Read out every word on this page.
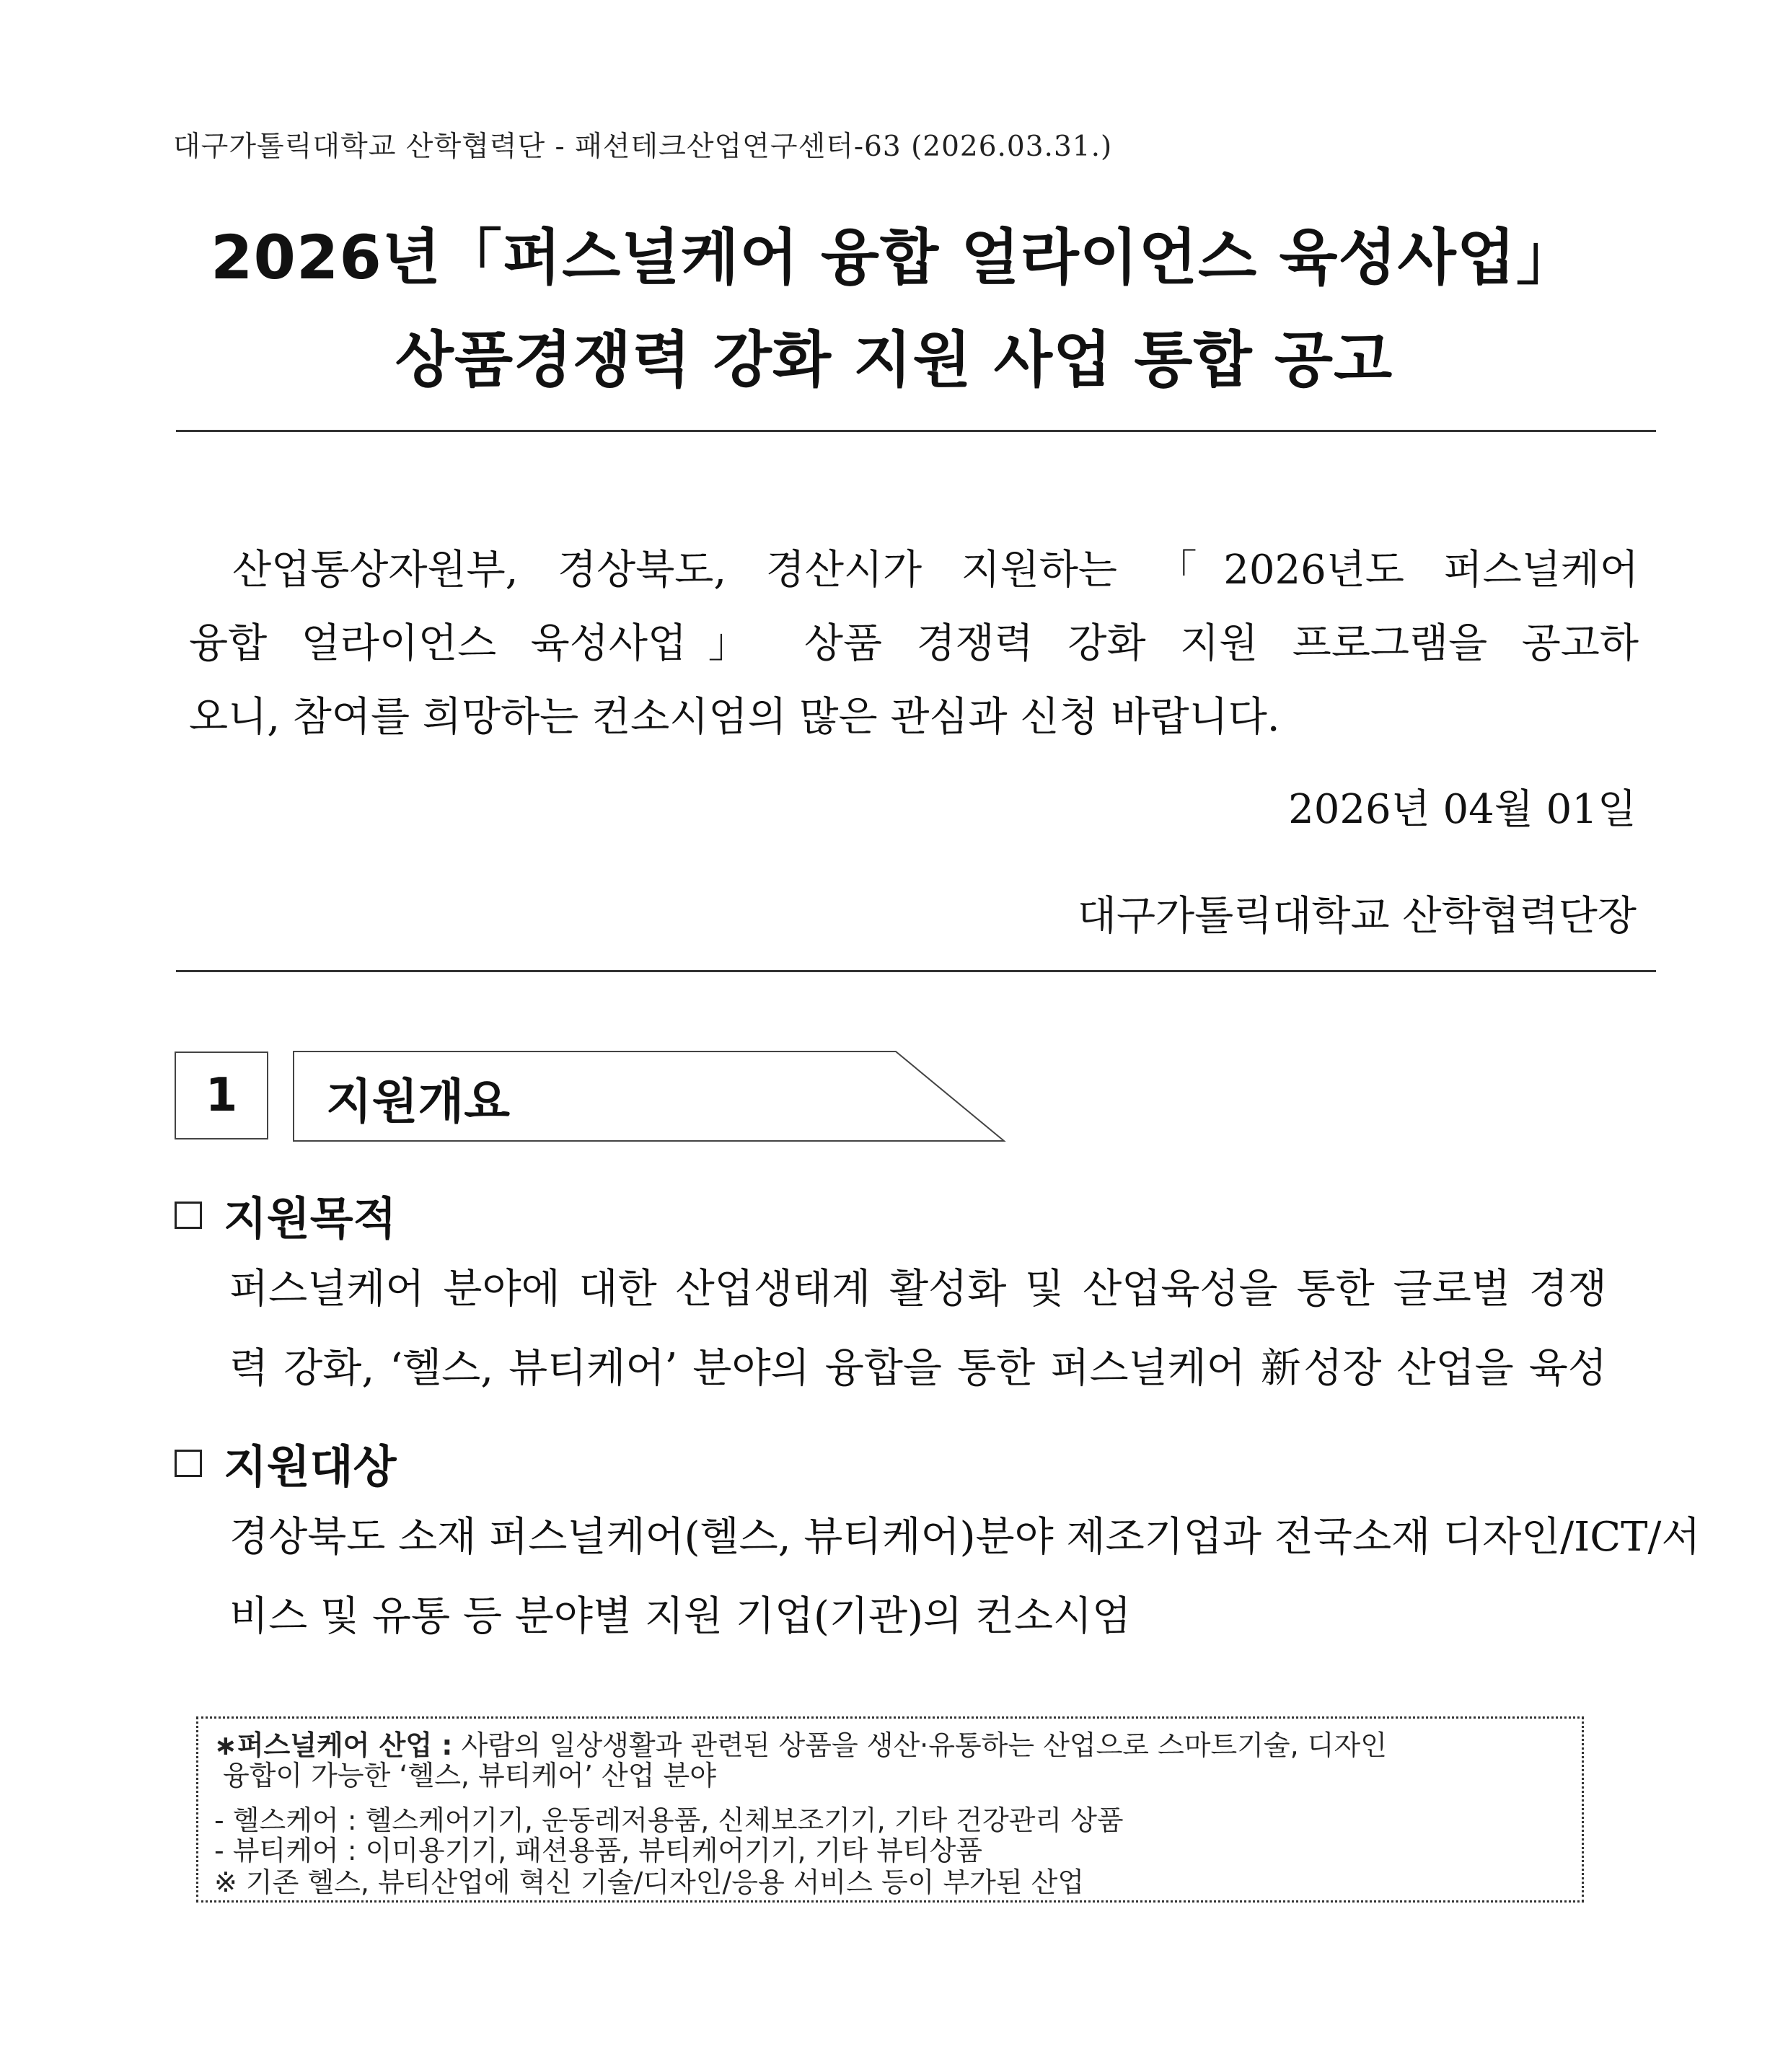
대구가톨릭대학교 산학협력단 - 패션테크산업연구센터-63 (2026.03.31.)
2026년「퍼스널케어 융합 얼라이언스 육성사업」
상품경쟁력 강화 지원 사업 통합 공고
산업통상자원부, 경상북도, 경산시가 지원하는 「2026년도 퍼스널케어
융합 얼라이언스 육성사업」 상품 경쟁력 강화 지원 프로그램을 공고하
오니, 참여를 희망하는 컨소시엄의 많은 관심과 신청 바랍니다.
2026년 04월 01일
대구가톨릭대학교 산학협력단장
1 지원개요
지원목적
퍼스널케어 분야에 대한 산업생태계 활성화 및 산업육성을 통한 글로벌 경쟁
력 강화, ‘헬스, 뷰티케어’ 분야의 융합을 통한 퍼스널케어 新성장 산업을 육성
지원대상
경상북도 소재 퍼스널케어(헬스, 뷰티케어)분야 제조기업과 전국소재 디자인/ICT/서
비스 및 유통 등 분야별 지원 기업(기관)의 컨소시엄
∗퍼스널케어 산업 : 사람의 일상생활과 관련된 상품을 생산·유통하는 산업으로 스마트기술, 디자인
융합이 가능한 ‘헬스, 뷰티케어’ 산업 분야
- 헬스케어 : 헬스케어기기, 운동레저용품, 신체보조기기, 기타 건강관리 상품
- 뷰티케어 : 이미용기기, 패션용품, 뷰티케어기기, 기타 뷰티상품
※ 기존 헬스, 뷰티산업에 혁신 기술/디자인/응용 서비스 등이 부가된 산업
